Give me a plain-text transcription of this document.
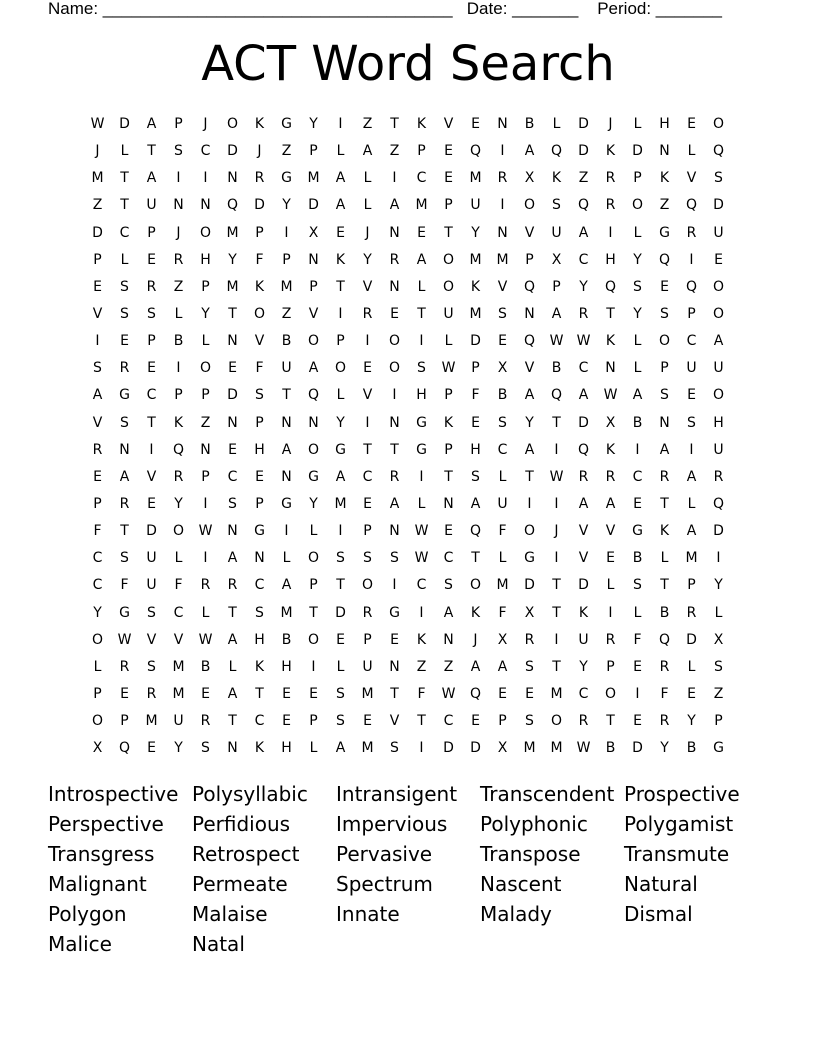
Name: _____________________________________   Date: _______    Period: _______
ACT Word Search
W	D	A	P	J	O	K	G	Y	I	Z	T	K	V	E	N	B	L	D	J	L	H	E	O
J	L	T	S	C	D	J	Z	P	L	A	Z	P	E	Q	I	A	Q	D	K	D	N	L	Q
M	T	A	I	I	N	R	G	M	A	L	I	C	E	M	R	X	K	Z	R	P	K	V	S
Z	T	U	N	N	Q	D	Y	D	A	L	A	M	P	U	I	O	S	Q	R	O	Z	Q	D
D	C	P	J	O	M	P	I	X	E	J	N	E	T	Y	N	V	U	A	I	L	G	R	U
P	L	E	R	H	Y	F	P	N	K	Y	R	A	O	M	M	P	X	C	H	Y	Q	I	E
E	S	R	Z	P	M	K	M	P	T	V	N	L	O	K	V	Q	P	Y	Q	S	E	Q	O
V	S	S	L	Y	T	O	Z	V	I	R	E	T	U	M	S	N	A	R	T	Y	S	P	O
I	E	P	B	L	N	V	B	O	P	I	O	I	L	D	E	Q	W W	K	L	O	C	A
S	R	E	I	O	E	F	U	A	O	E	O	S	W	P	X	V	B	C	N	L	P	U	U
A	G	C	P	P	D	S	T	Q	L	V	I	H	P	F	B	A	Q	A	W	A	S	E	O
V	S	T	K	Z	N	P	N	N	Y	I	N	G	K	E	S	Y	T	D	X	B	N	S	H
R	N	I	Q	N	E	H	A	O	G	T	T	G	P	H	C	A	I	Q	K	I	A	I	U
E	A	V	R	P	C	E	N	G	A	C	R	I	T	S	L	T	W	R	R	C	R	A	R
P	R	E	Y	I	S	P	G	Y	M	E	A	L	N	A	U	I	I	A	A	E	T	L	Q
F	T	D	O	W	N	G	I	L	I	P	N	W	E	Q	F	O	J	V	V	G	K	A	D
C	S	U	L	I	A	N	L	O	S	S	S	W	C	T	L	G	I	V	E	B	L	M	I
C	F	U	F	R	R	C	A	P	T	O	I	C	S	O	M	D	T	D	L	S	T	P	Y
Y	G	S	C	L	T	S	M	T	D	R	G	I	A	K	F	X	T	K	I	L	B	R	L
O	W	V	V	W	A	H	B	O	E	P	E	K	N	J	X	R	I	U	R	F	Q	D	X
L	R	S	M	B	L	K	H	I	L	U	N	Z	Z	A	A	S	T	Y	P	E	R	L	S
P	E	R	M	E	A	T	E	E	S	M	T	F	W	Q	E	E	M	C	O	I	F	E	Z
O	P	M	U	R	T	C	E	P	S	E	V	T	C	E	P	S	O	R	T	E	R	Y	P
X	Q	E	Y	S	N	K	H	L	A	M	S	I	D	D	X	M	M	W	B	D	Y	B	G
Introspective Polysyllabic	Intransigent	Transcendent Prospective
Perspective	Perfidious	Impervious	Polyphonic	Polygamist
Transgress	Retrospect	Pervasive	Transpose	Transmute
Malignant	Permeate	Spectrum	Nascent	Natural
Polygon	Malaise	Innate	Malady	Dismal
Malice	Natal
